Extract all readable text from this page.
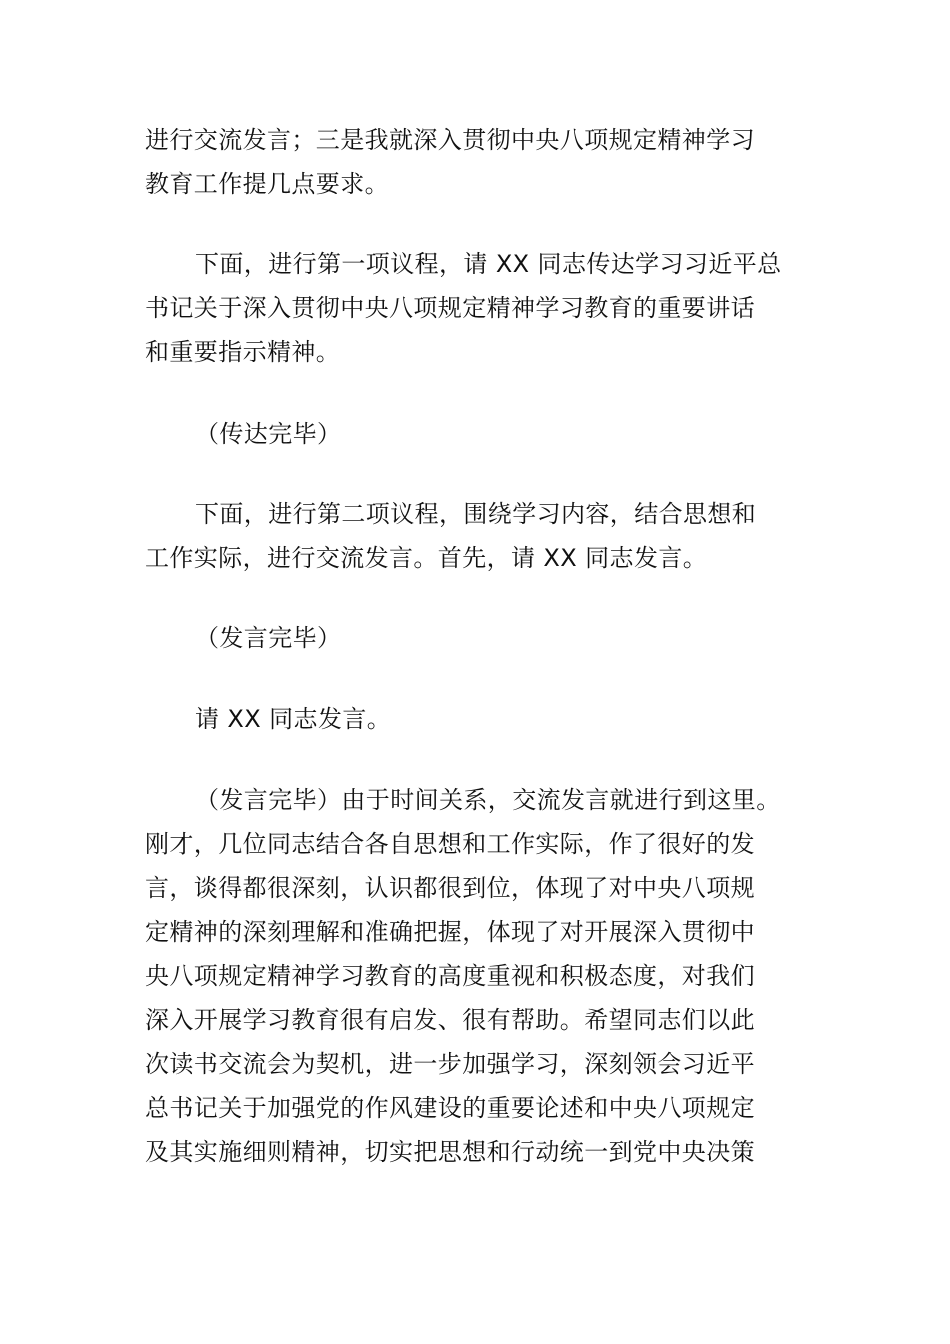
进行交流发言；三是我就深入贯彻中央八项规定精神学习
教育工作提几点要求。
下面，进行第一项议程，请 XX 同志传达学习习近平总
书记关于深入贯彻中央八项规定精神学习教育的重要讲话
和重要指示精神。
（传达完毕）
下面，进行第二项议程，围绕学习内容，结合思想和
工作实际，进行交流发言。首先，请 XX 同志发言。
（发言完毕）
请 XX 同志发言。
（发言完毕）由于时间关系，交流发言就进行到这里。
刚才，几位同志结合各自思想和工作实际，作了很好的发
言，谈得都很深刻，认识都很到位，体现了对中央八项规
定精神的深刻理解和准确把握，体现了对开展深入贯彻中
央八项规定精神学习教育的高度重视和积极态度，对我们
深入开展学习教育很有启发、很有帮助。希望同志们以此
次读书交流会为契机，进一步加强学习，深刻领会习近平
总书记关于加强党的作风建设的重要论述和中央八项规定
及其实施细则精神，切实把思想和行动统一到党中央决策
